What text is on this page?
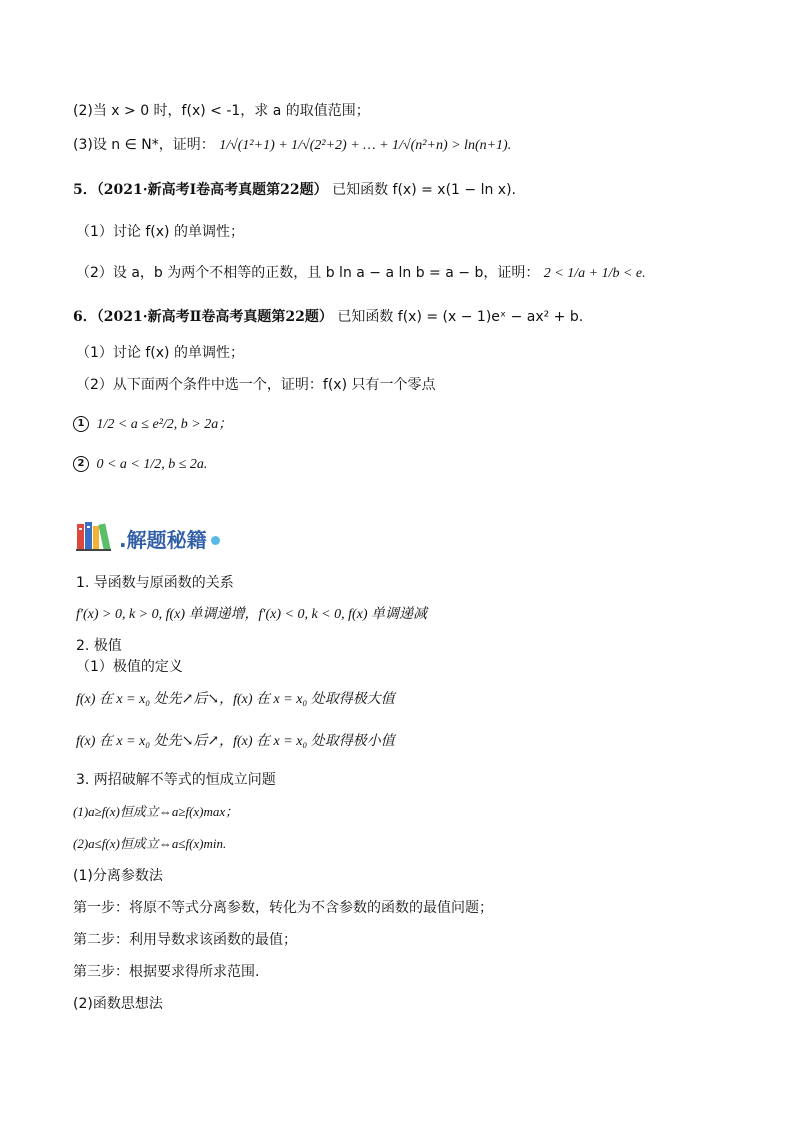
(2)当 x > 0 时，f(x) < -1，求 a 的取值范围；
(3)设 n ∈ N*，证明： 1/√(1²+1) + 1/√(2²+2) + … + 1/√(n²+n) > ln(n+1).
5．（2021·新高考Ⅰ卷高考真题第22题） 已知函数 f(x) = x(1 − ln x).
（1）讨论 f(x) 的单调性；
（2）设 a，b 为两个不相等的正数，且 b ln a − a ln b = a − b，证明： 2 < 1/a + 1/b < e.
6．（2021·新高考Ⅱ卷高考真题第22题） 已知函数 f(x) = (x − 1)eˣ − ax² + b.
（1）讨论 f(x) 的单调性；
（2）从下面两个条件中选一个，证明：f(x) 只有一个零点
1 1/2 < a ≤ e²/2, b > 2a；
2 0 < a < 1/2, b ≤ 2a.
.解题秘籍
1. 导函数与原函数的关系
f′(x) > 0, k > 0, f(x) 单调递增，f′(x) < 0, k < 0, f(x) 单调递减
2. 极值
（1）极值的定义
f(x) 在 x = x₀ 处先↗后↘，f(x) 在 x = x₀ 处取得极大值
f(x) 在 x = x₀ 处先↘后↗，f(x) 在 x = x₀ 处取得极小值
3. 两招破解不等式的恒成立问题
(1)a≥f(x)恒成立⇔a≥f(x)max；
(2)a≤f(x)恒成立⇔a≤f(x)min.
(1)分离参数法
第一步：将原不等式分离参数，转化为不含参数的函数的最值问题；
第二步：利用导数求该函数的最值；
第三步：根据要求得所求范围.
(2)函数思想法
